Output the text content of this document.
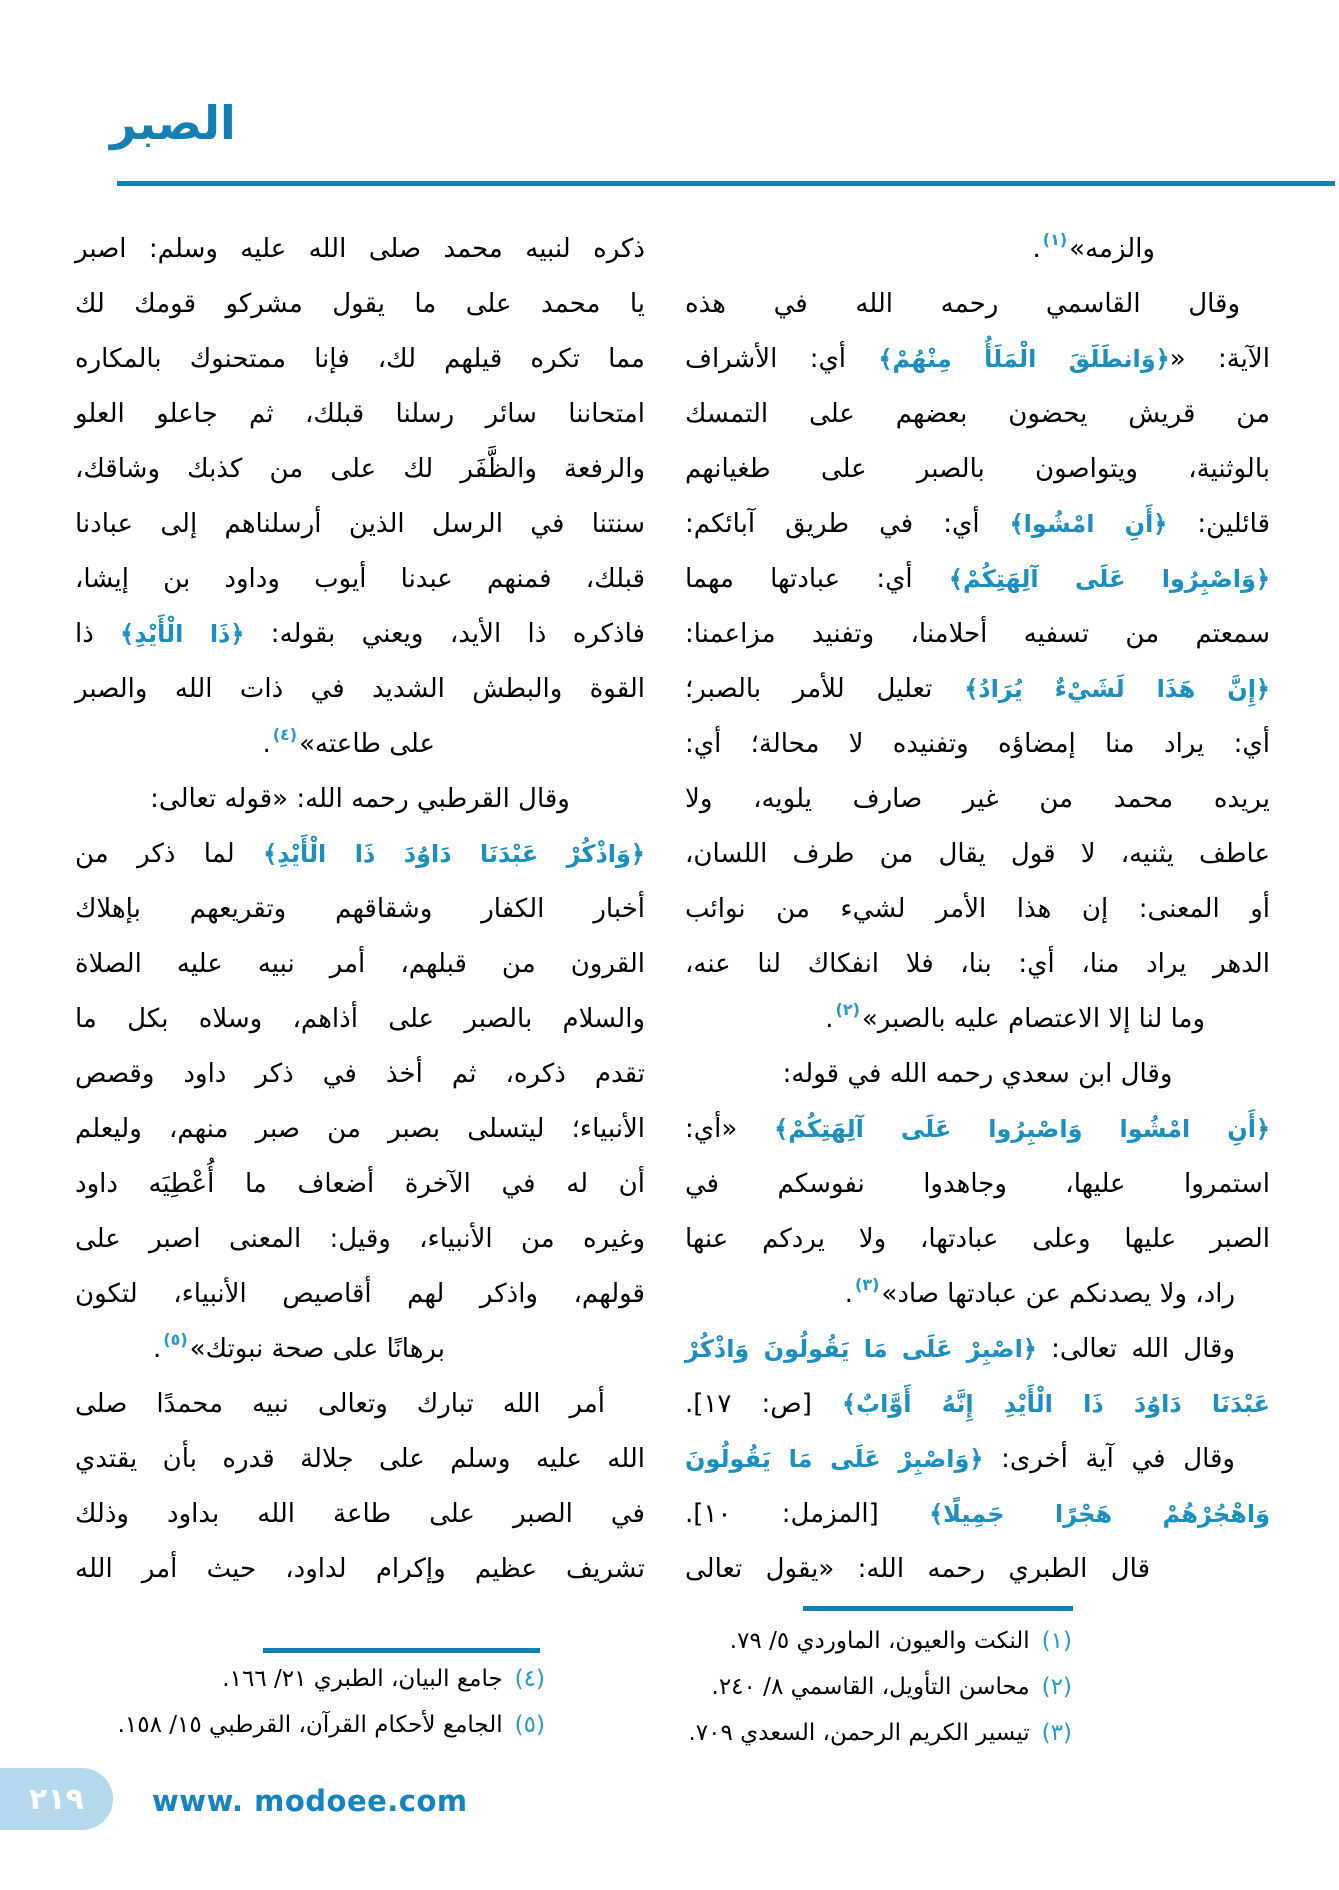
الصبر
والزمه»$^{(١)}$.
وقال القاسمي رحمه الله في هذه
الآية: «﴿وَانطَلَقَ الْمَلَأُ مِنْهُمْ﴾ أي: الأشراف
من قريش يحضون بعضهم على التمسك
بالوثنية، ويتواصون بالصبر على طغيانهم
قائلين: ﴿أَنِ امْشُوا﴾ أي: في طريق آبائكم:
﴿وَاصْبِرُوا عَلَى آلِهَتِكُمْ﴾ أي: عبادتها مهما
سمعتم من تسفيه أحلامنا، وتفنيد مزاعمنا:
﴿إِنَّ هَذَا لَشَيْءٌ يُرَادُ﴾ تعليل للأمر بالصبر؛
أي: يراد منا إمضاؤه وتفنيده لا محالة؛ أي:
يريده محمد من غير صارف يلويه، ولا
عاطف يثنيه، لا قول يقال من طرف اللسان،
أو المعنى: إن هذا الأمر لشيء من نوائب
الدهر يراد منا، أي: بنا، فلا انفكاك لنا عنه،
وما لنا إلا الاعتصام عليه بالصبر»$^{(٢)}$.
وقال ابن سعدي رحمه الله في قوله:
﴿أَنِ امْشُوا وَاصْبِرُوا عَلَى آلِهَتِكُمْ﴾ «أي:
استمروا عليها، وجاهدوا نفوسكم في
الصبر عليها وعلى عبادتها، ولا يردكم عنها
راد، ولا يصدنكم عن عبادتها صاد»$^{(٣)}$.
وقال الله تعالى: ﴿اصْبِرْ عَلَى مَا يَقُولُونَ وَاذْكُرْ
عَبْدَنَا دَاوُدَ ذَا الْأَيْدِ إِنَّهُ أَوَّابٌ﴾ [ص: ١٧].
وقال في آية أخرى: ﴿وَاصْبِرْ عَلَى مَا يَقُولُونَ
وَاهْجُرْهُمْ هَجْرًا جَمِيلًا﴾ [المزمل: ١٠].
قال الطبري رحمه الله: «يقول تعالى
ذكره لنبيه محمد صلى الله عليه وسلم: اصبر
يا محمد على ما يقول مشركو قومك لك
مما تكره قيلهم لك، فإنا ممتحنوك بالمكاره
امتحاننا سائر رسلنا قبلك، ثم جاعلو العلو
والرفعة والظَّفَر لك على من كذبك وشاقك،
سنتنا في الرسل الذين أرسلناهم إلى عبادنا
قبلك، فمنهم عبدنا أيوب وداود بن إيشا،
فاذكره ذا الأيد، ويعني بقوله: ﴿ذَا الْأَيْدِ﴾ ذا
القوة والبطش الشديد في ذات الله والصبر
على طاعته»$^{(٤)}$.
وقال القرطبي رحمه الله: «قوله تعالى:
﴿وَاذْكُرْ عَبْدَنَا دَاوُدَ ذَا الْأَيْدِ﴾ لما ذكر من
أخبار الكفار وشقاقهم وتقريعهم بإهلاك
القرون من قبلهم، أمر نبيه عليه الصلاة
والسلام بالصبر على أذاهم، وسلاه بكل ما
تقدم ذكره، ثم أخذ في ذكر داود وقصص
الأنبياء؛ ليتسلى بصبر من صبر منهم، وليعلم
أن له في الآخرة أضعاف ما أُعْطِيَه داود
وغيره من الأنبياء، وقيل: المعنى اصبر على
قولهم، واذكر لهم أقاصيص الأنبياء، لتكون
برهانًا على صحة نبوتك»$^{(٥)}$.
أمر الله تبارك وتعالى نبيه محمدًا صلى
الله عليه وسلم على جلالة قدره بأن يقتدي
في الصبر على طاعة الله بداود وذلك
تشريف عظيم وإكرام لداود، حيث أمر الله
(١)النكت والعيون، الماوردي ٥/ ٧٩.
(٢)محاسن التأويل، القاسمي ٨/ ٢٤٠.
(٣)تيسير الكريم الرحمن، السعدي ٧٠٩.
(٤)جامع البيان، الطبري ٢١/ ١٦٦.
(٥)الجامع لأحكام القرآن، القرطبي ١٥/ ١٥٨.
٢١٩ www. modoee.com
